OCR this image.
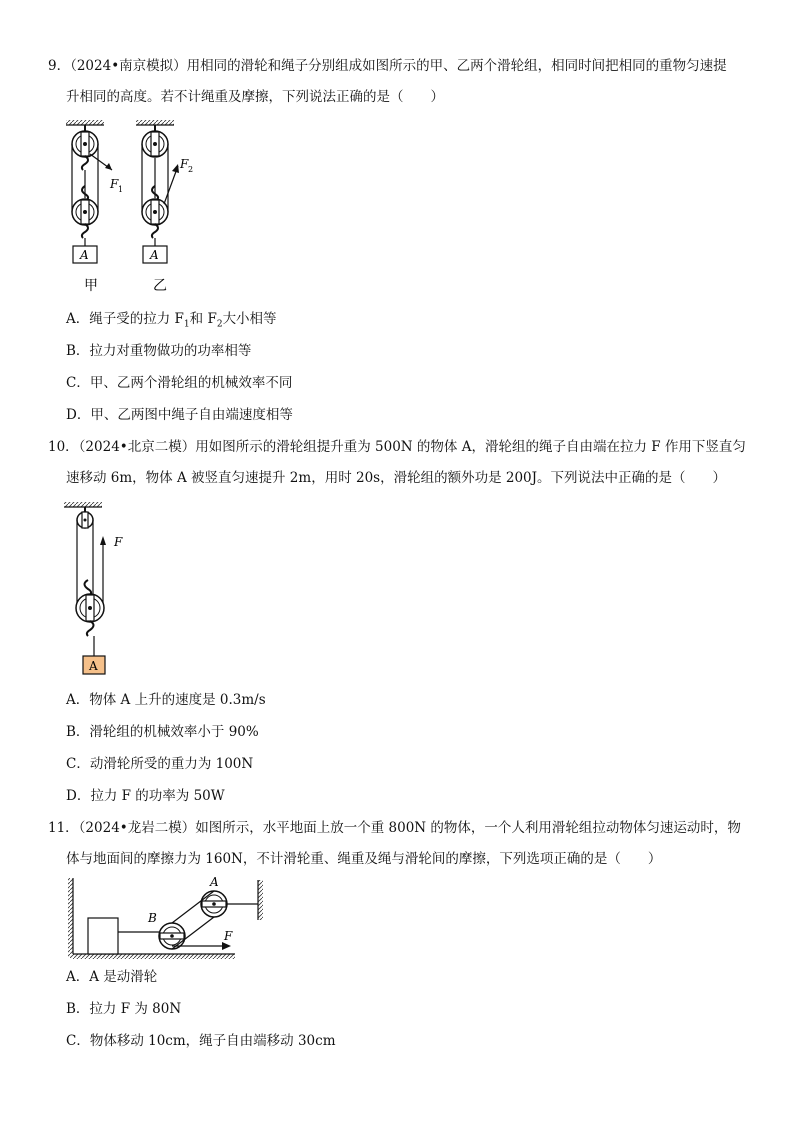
9．（2024•南京模拟）用相同的滑轮和绳子分别组成如图所示的甲、乙两个滑轮组，相同时间把相同的重物匀速提
升相同的高度。若不计绳重及摩擦，下列说法正确的是（　　）
F 1
A
F 2
A
甲	乙
A．绳子受的拉力 $F_1$和 $F_2$大小相等
B．拉力对重物做功的功率相等
C．甲、乙两个滑轮组的机械效率不同
D．甲、乙两图中绳子自由端速度相等
10．（2024•北京二模）用如图所示的滑轮组提升重为 500N 的物体 A，滑轮组的绳子自由端在拉力 F 作用下竖直匀
速移动 6m，物体 A 被竖直匀速提升 2m，用时 20s，滑轮组的额外功是 200J。下列说法中正确的是（　　）
F
A
A．物体 A 上升的速度是 0.3m/s
B．滑轮组的机械效率小于 90%
C．动滑轮所受的重力为 100N
D．拉力 F 的功率为 50W
11．（2024•龙岩二模）如图所示，水平地面上放一个重 800N 的物体，一个人利用滑轮组拉动物体匀速运动时，物
体与地面间的摩擦力为 160N，不计滑轮重、绳重及绳与滑轮间的摩擦，下列选项正确的是（　　）
A
B
F
A．A 是动滑轮
B．拉力 F 为 80N
C．物体移动 10cm，绳子自由端移动 30cm
